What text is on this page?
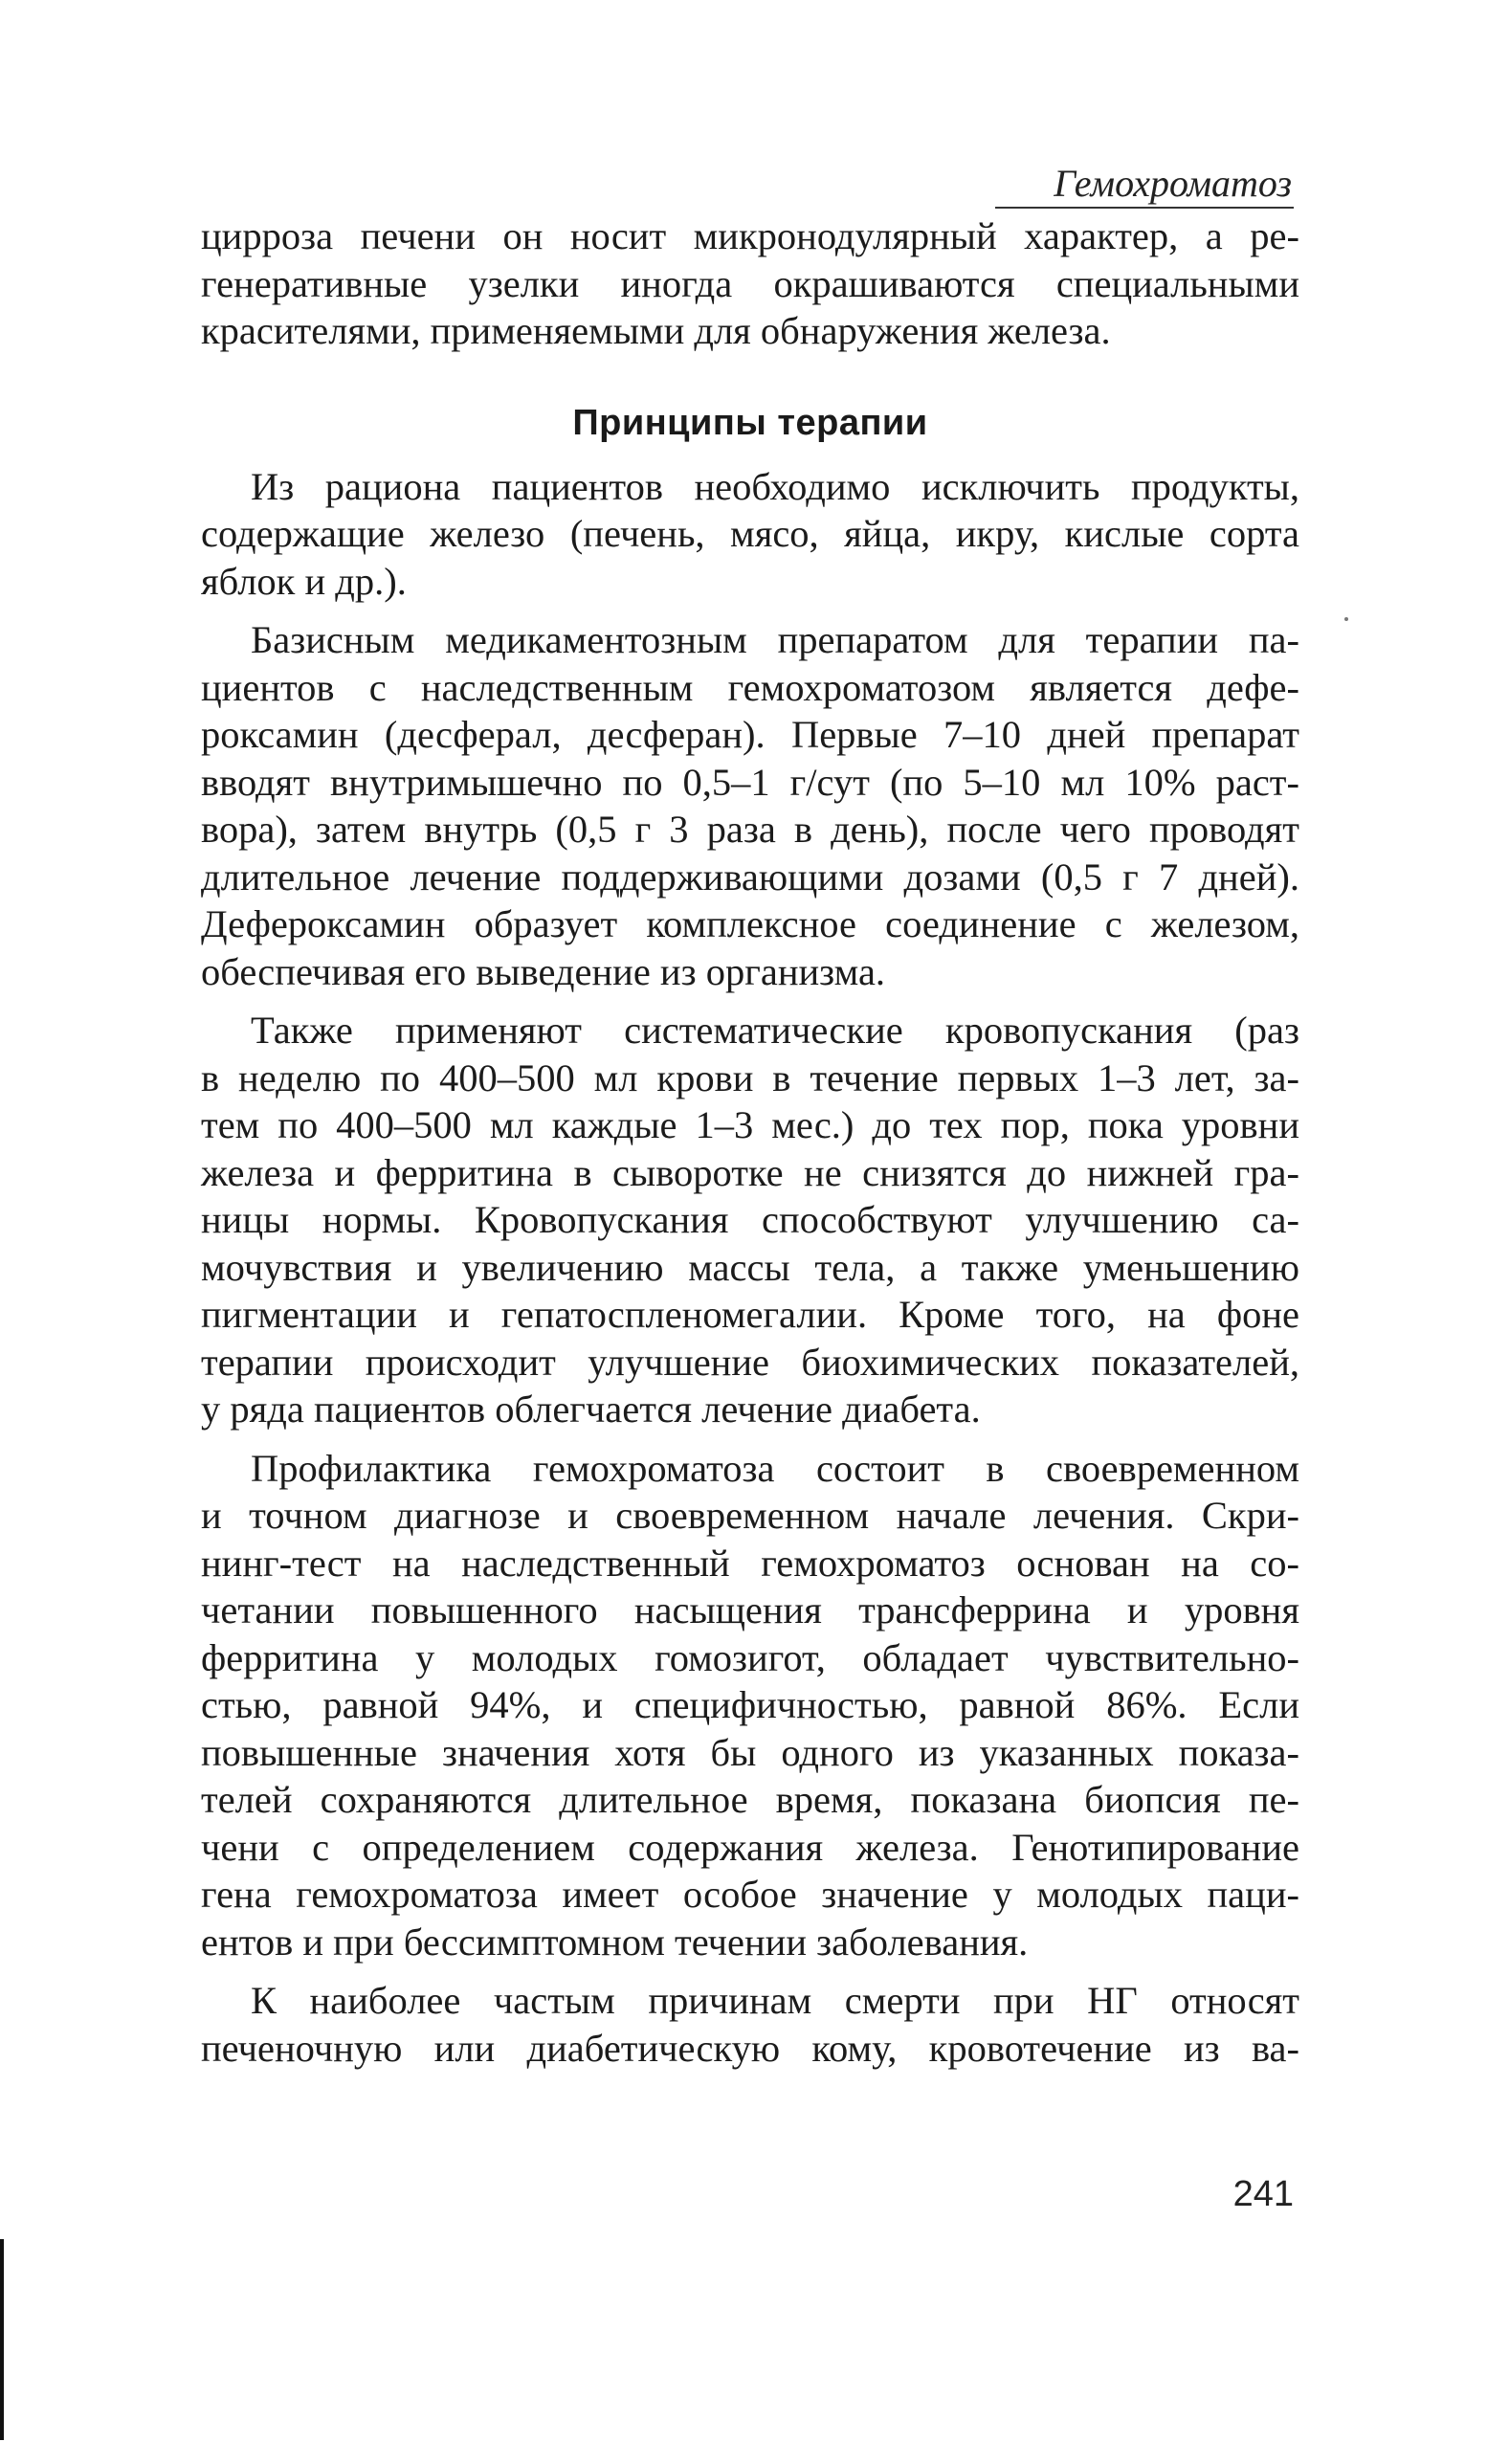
Гемохроматоз

цирроза печени он носит микронодулярный характер, а ре-
генеративные узелки иногда окрашиваются специальными
красителями, применяемыми для обнаружения железа.

Принципы терапии

Из рациона пациентов необходимо исключить продукты,
содержащие железо (печень, мясо, яйца, икру, кислые сорта
яблок и др.).

Базисным медикаментозным препаратом для терапии па-
циентов с наследственным гемохроматозом является дефе-
роксамин (десферал, десферан). Первые 7–10 дней препарат
вводят внутримышечно по 0,5–1 г/сут (по 5–10 мл 10% раст-
вора), затем внутрь (0,5 г 3 раза в день), после чего проводят
длительное лечение поддерживающими дозами (0,5 г 7 дней).
Дефероксамин образует комплексное соединение с железом,
обеспечивая его выведение из организма.

Также применяют систематические кровопускания (раз
в неделю по 400–500 мл крови в течение первых 1–3 лет, за-
тем по 400–500 мл каждые 1–3 мес.) до тех пор, пока уровни
железа и ферритина в сыворотке не снизятся до нижней гра-
ницы нормы. Кровопускания способствуют улучшению са-
мочувствия и увеличению массы тела, а также уменьшению
пигментации и гепатоспленомегалии. Кроме того, на фоне
терапии происходит улучшение биохимических показателей,
у ряда пациентов облегчается лечение диабета.

Профилактика гемохроматоза состоит в своевременном
и точном диагнозе и своевременном начале лечения. Скри-
нинг-тест на наследственный гемохроматоз основан на со-
четании повышенного насыщения трансферрина и уровня
ферритина у молодых гомозигот, обладает чувствительно-
стью, равной 94%, и специфичностью, равной 86%. Если
повышенные значения хотя бы одного из указанных показа-
телей сохраняются длительное время, показана биопсия пе-
чени с определением содержания железа. Генотипирование
гена гемохроматоза имеет особое значение у молодых паци-
ентов и при бессимптомном течении заболевания.

К наиболее частым причинам смерти при НГ относят
печеночную или диабетическую кому, кровотечение из ва-

241
